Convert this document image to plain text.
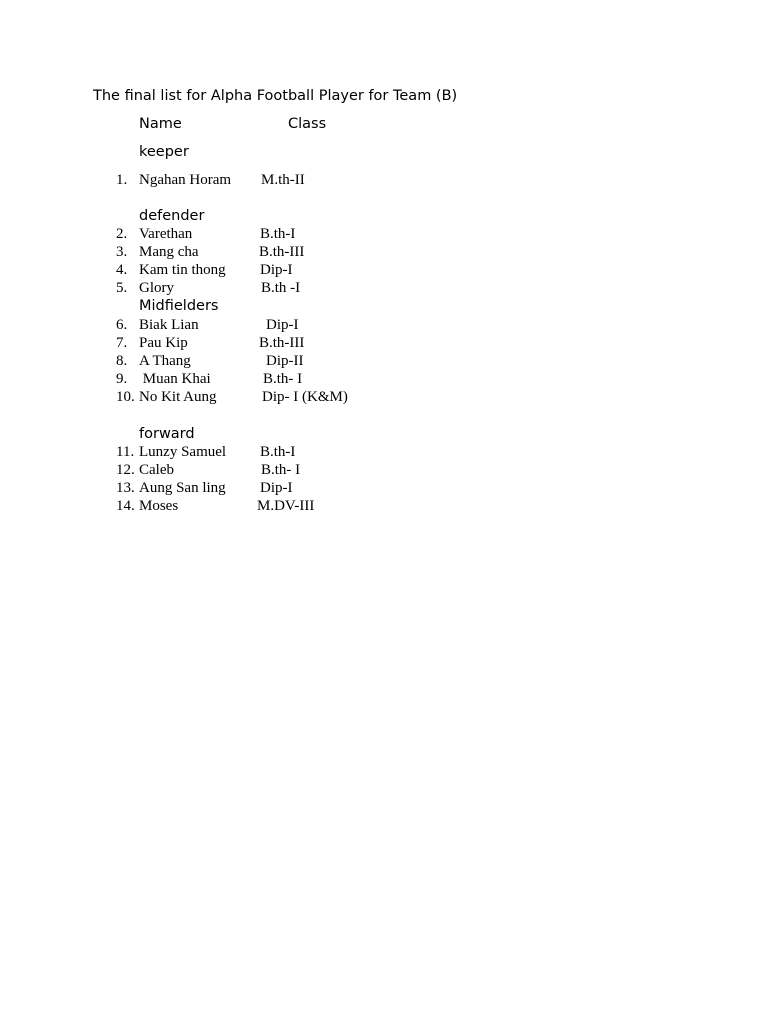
The final list for Alpha Football Player for Team (B)
Name	Class
keeper
1. Ngahan Horam M.th-II
defender
2. Varethan	B.th-I
3. Mang cha	B.th-III
4. Kam tin thong Dip-I
5. Glory	B.th -I
Midfielders
6. Biak Lian	Dip-I
7. Pau Kip	B.th-III
8. A Thang	Dip-II
9. Muan Khai	B.th- I
10. No Kit Aung	Dip- I (K&M)
forward
11. Lunzy Samuel B.th-I
12. Caleb	B.th- I
13. Aung San ling Dip-I
14. Moses	M.DV-III
